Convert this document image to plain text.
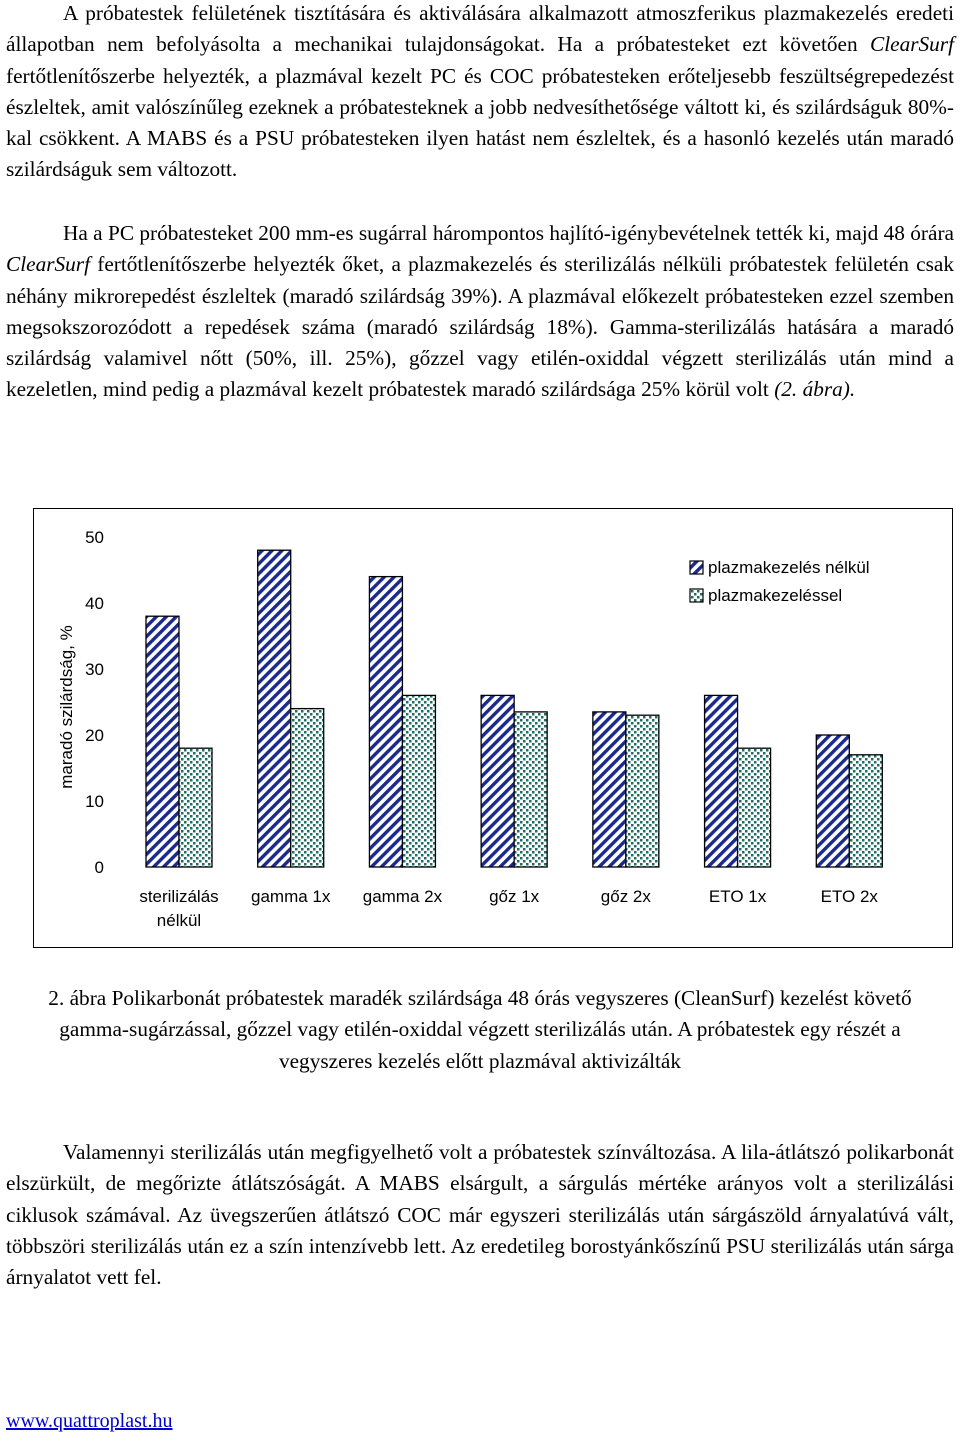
A próbatestek felületének tisztítására és aktiválására alkalmazott atmoszferikus plazmakezelés eredeti állapotban nem befolyásolta a mechanikai tulajdonságokat. Ha a próbatesteket ezt követően ClearSurf fertőtlenítőszerbe helyezték, a plazmával kezelt PC és COC próbatesteken erőteljesebb feszültségrepedezést észleltek, amit valószínűleg ezeknek a próbatesteknek a jobb nedvesíthetősége váltott ki, és szilárdságuk 80%-kal csökkent. A MABS és a PSU próbatesteken ilyen hatást nem észleltek, és a hasonló kezelés után maradó szilárdságuk sem változott.

Ha a PC próbatesteket 200 mm-es sugárral hárompontos hajlító-igénybevételnek tették ki, majd 48 órára ClearSurf fertőtlenítőszerbe helyezték őket, a plazmakezelés és sterilizálás nélküli próbatestek felületén csak néhány mikrorepedést észleltek (maradó szilárdság 39%). A plazmával előkezelt próbatesteken ezzel szemben megsokszorozódott a repedések száma (maradó szilárdság 18%). Gamma-sterilizálás hatására a maradó szilárdság valamivel nőtt (50%, ill. 25%), gőzzel vagy etilén-oxiddal végzett sterilizálás után mind a kezeletlen, mind pedig a plazmával kezelt próbatestek maradó szilárdsága 25% körül volt (2. ábra).

0
10
20
30
40
50
maradó szilárdság, %
sterilizálás
nélkül
gamma 1x gamma 2x	gőz 1x	gőz 2x	ETO 1x	ETO 2x
plazmakezelés nélkül
plazmakezeléssel

2. ábra Polikarbonát próbatestek maradék szilárdsága 48 órás vegyszeres (CleanSurf) kezelést követő gamma-sugárzással, gőzzel vagy etilén-oxiddal végzett sterilizálás után. A próbatestek egy részét a vegyszeres kezelés előtt plazmával aktivizálták

Valamennyi sterilizálás után megfigyelhető volt a próbatestek színváltozása. A lila-átlátszó polikarbonát elszürkült, de megőrizte átlátszóságát. A MABS elsárgult, a sárgulás mértéke arányos volt a sterilizálási ciklusok számával. Az üvegszerűen átlátszó COC már egyszeri sterilizálás után sárgászöld árnyalatúvá vált, többszöri sterilizálás után ez a szín intenzívebb lett. Az eredetileg borostyánkőszínű PSU sterilizálás után sárga árnyalatot vett fel.

www.quattroplast.hu
